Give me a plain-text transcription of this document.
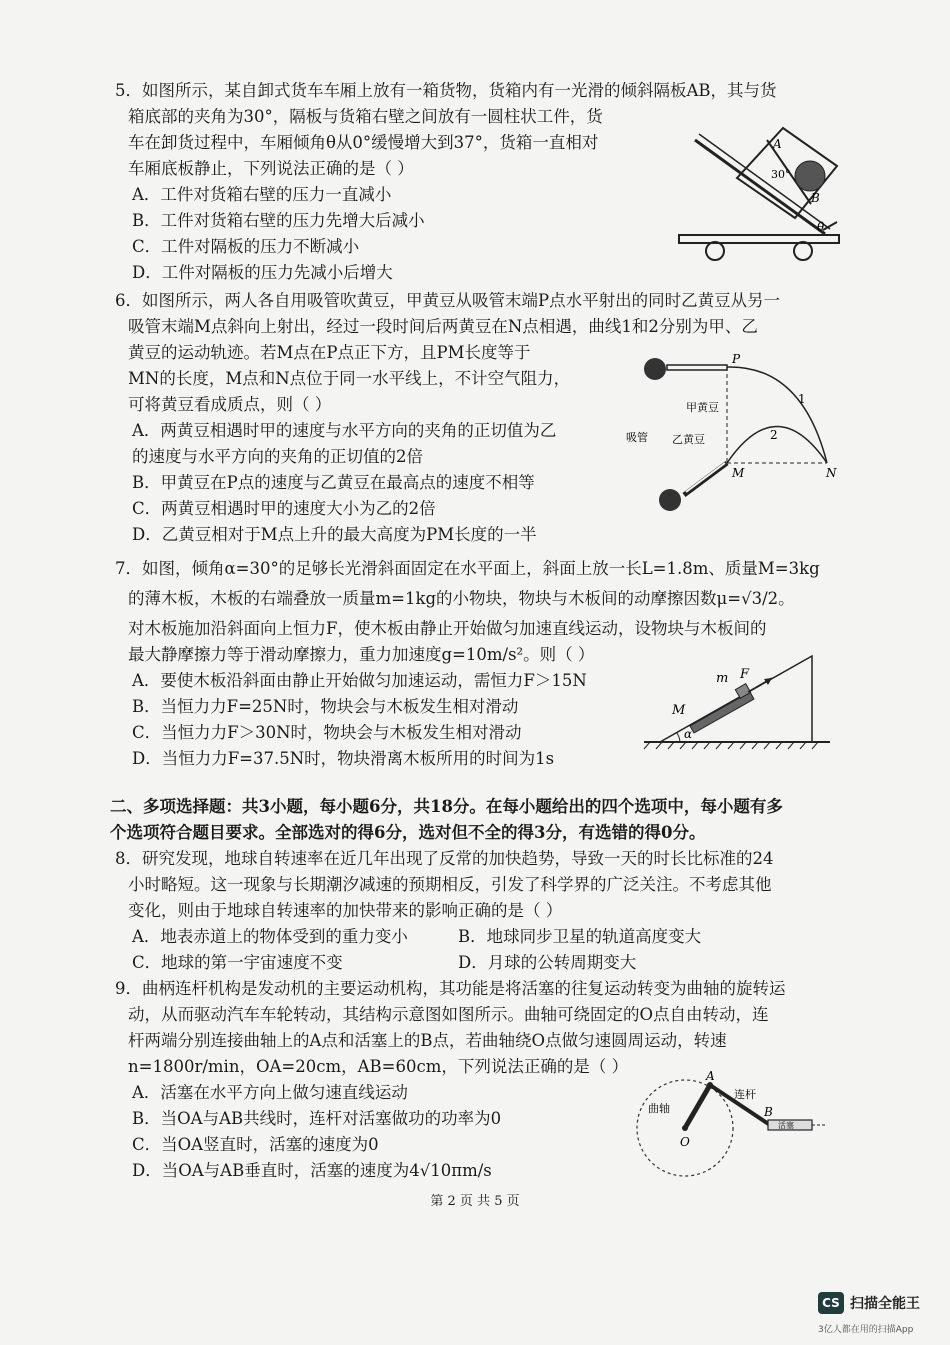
5．如图所示，某自卸式货车车厢上放有一箱货物，货箱内有一光滑的倾斜隔板AB，其与货
箱底部的夹角为30°，隔板与货箱右壁之间放有一圆柱状工件，货
车在卸货过程中，车厢倾角θ从0°缓慢增大到37°，货箱一直相对
车厢底板静止，下列说法正确的是（ ）
A．工件对货箱右壁的压力一直减小
B．工件对货箱右壁的压力先增大后减小
C．工件对隔板的压力不断减小
D．工件对隔板的压力先减小后增大
A
B
30°
θ
6．如图所示，两人各自用吸管吹黄豆，甲黄豆从吸管末端P点水平射出的同时乙黄豆从另一
吸管末端M点斜向上射出，经过一段时间后两黄豆在N点相遇，曲线1和2分别为甲、乙
黄豆的运动轨迹。若M点在P点正下方，且PM长度等于
MN的长度，M点和N点位于同一水平线上，不计空气阻力，
可将黄豆看成质点，则（ ）
A．两黄豆相遇时甲的速度与水平方向的夹角的正切值为乙
的速度与水平方向的夹角的正切值的2倍
B．甲黄豆在P点的速度与乙黄豆在最高点的速度不相等
C．两黄豆相遇时甲的速度大小为乙的2倍
D．乙黄豆相对于M点上升的最大高度为PM长度的一半
P
M	N
1
2
甲黄豆
乙黄豆
吸管
7．如图，倾角α=30°的足够长光滑斜面固定在水平面上，斜面上放一长L=1.8m、质量M=3kg
的薄木板，木板的右端叠放一质量m=1kg的小物块，物块与木板间的动摩擦因数μ=√3/2。
对木板施加沿斜面向上恒力F，使木板由静止开始做匀加速直线运动，设物块与木板间的
最大静摩擦力等于滑动摩擦力，重力加速度g=10m/s²。则（ ）
A．要使木板沿斜面由静止开始做匀加速运动，需恒力F＞15N
B．当恒力力F=25N时，物块会与木板发生相对滑动
C．当恒力力F＞30N时，物块会与木板发生相对滑动
D．当恒力力F=37.5N时，物块滑离木板所用的时间为1s
m F
M
α
二、多项选择题：共3小题，每小题6分，共18分。在每小题给出的四个选项中，每小题有多
个选项符合题目要求。全部选对的得6分，选对但不全的得3分，有选错的得0分。
8．研究发现，地球自转速率在近几年出现了反常的加快趋势，导致一天的时长比标准的24
小时略短。这一现象与长期潮汐减速的预期相反，引发了科学界的广泛关注。不考虑其他
变化，则由于地球自转速率的加快带来的影响正确的是（ ）
A．地表赤道上的物体受到的重力变小	B．地球同步卫星的轨道高度变大
C．地球的第一宇宙速度不变	D．月球的公转周期变大
9．曲柄连杆机构是发动机的主要运动机构，其功能是将活塞的往复运动转变为曲轴的旋转运
动，从而驱动汽车车轮转动，其结构示意图如图所示。曲轴可绕固定的O点自由转动，连
杆两端分别连接曲轴上的A点和活塞上的B点，若曲轴绕O点做匀速圆周运动，转速
n=1800r/min，OA=20cm，AB=60cm，下列说法正确的是（ ）
A．活塞在水平方向上做匀速直线运动
B．当OA与AB共线时，连杆对活塞做功的功率为0
C．当OA竖直时，活塞的速度为0
D．当OA与AB垂直时，活塞的速度为4√10πm/s
A
B
O
曲轴
连杆
活塞
第 2 页 共 5 页
CS 扫描全能王
3亿人都在用的扫描App
